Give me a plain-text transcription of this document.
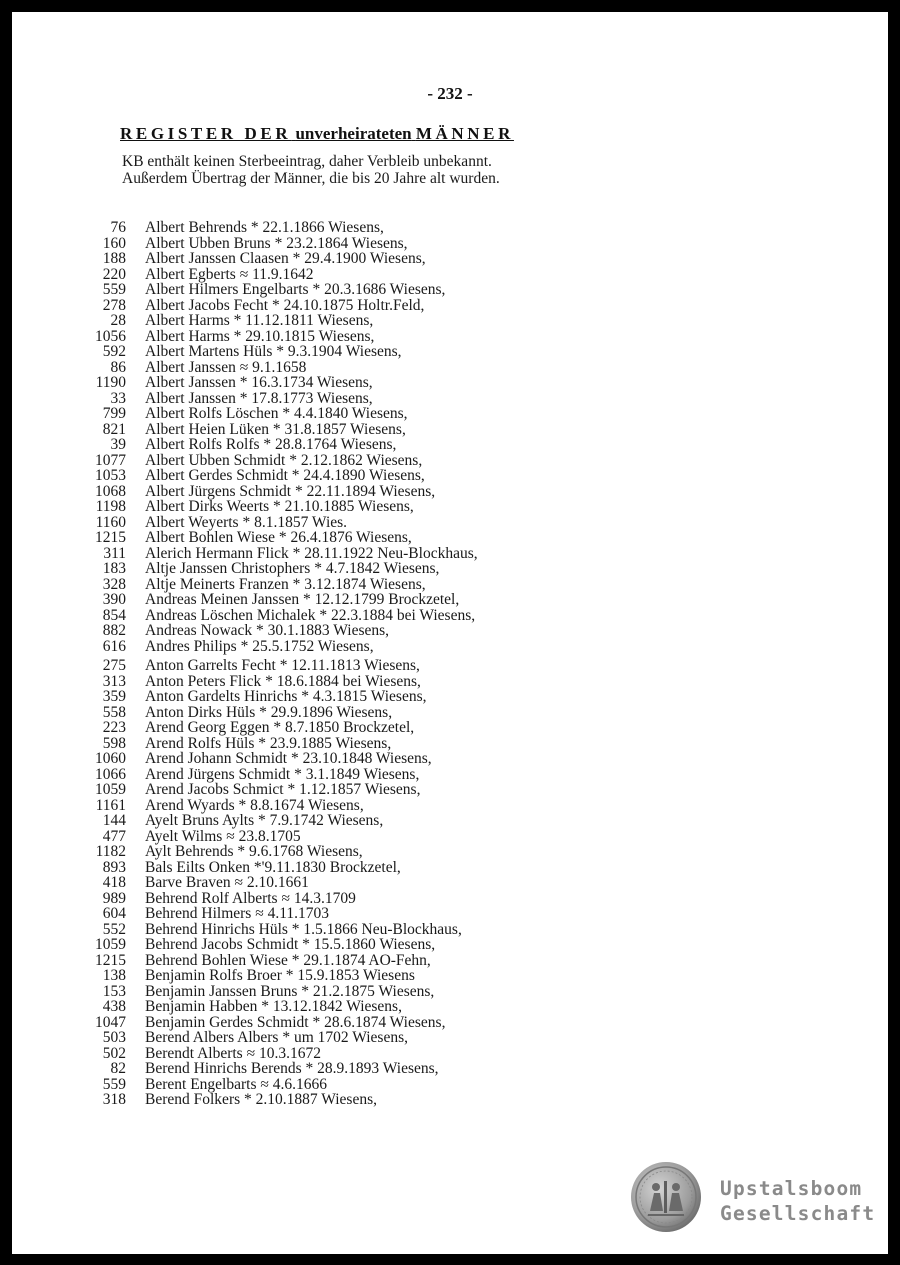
- 232 -
REGISTER DER unverheirateten MÄNNER
KB enthält keinen Sterbeeintrag, daher Verbleib unbekannt.
Außerdem Übertrag der Männer, die bis 20 Jahre alt wurden.
76 Albert Behrends * 22.1.1866 Wiesens,
160 Albert Ubben Bruns * 23.2.1864 Wiesens,
188 Albert Janssen Claasen * 29.4.1900 Wiesens,
220 Albert Egberts ≈ 11.9.1642
559 Albert Hilmers Engelbarts * 20.3.1686 Wiesens,
278 Albert Jacobs Fecht * 24.10.1875 Holtr.Feld,
28 Albert Harms * 11.12.1811 Wiesens,
1056 Albert Harms * 29.10.1815 Wiesens,
592 Albert Martens Hüls * 9.3.1904 Wiesens,
86 Albert Janssen ≈ 9.1.1658
1190 Albert Janssen * 16.3.1734 Wiesens,
33 Albert Janssen * 17.8.1773 Wiesens,
799 Albert Rolfs Löschen * 4.4.1840 Wiesens,
821 Albert Heien Lüken * 31.8.1857 Wiesens,
39 Albert Rolfs Rolfs * 28.8.1764 Wiesens,
1077 Albert Ubben Schmidt * 2.12.1862 Wiesens,
1053 Albert Gerdes Schmidt * 24.4.1890 Wiesens,
1068 Albert Jürgens Schmidt * 22.11.1894 Wiesens,
1198 Albert Dirks Weerts * 21.10.1885 Wiesens,
1160 Albert Weyerts * 8.1.1857 Wies.
1215 Albert Bohlen Wiese * 26.4.1876 Wiesens,
311 Alerich Hermann Flick * 28.11.1922 Neu-Blockhaus,
183 Altje Janssen Christophers * 4.7.1842 Wiesens,
328 Altje Meinerts Franzen * 3.12.1874 Wiesens,
390 Andreas Meinen Janssen * 12.12.1799 Brockzetel,
854 Andreas Löschen Michalek * 22.3.1884 bei Wiesens,
882 Andreas Nowack * 30.1.1883 Wiesens,
616 Andres Philips * 25.5.1752 Wiesens,
275 Anton Garrelts Fecht * 12.11.1813 Wiesens,
313 Anton Peters Flick * 18.6.1884 bei Wiesens,
359 Anton Gardelts Hinrichs * 4.3.1815 Wiesens,
558 Anton Dirks Hüls * 29.9.1896 Wiesens,
223 Arend Georg Eggen * 8.7.1850 Brockzetel,
598 Arend Rolfs Hüls * 23.9.1885 Wiesens,
1060 Arend Johann Schmidt * 23.10.1848 Wiesens,
1066 Arend Jürgens Schmidt * 3.1.1849 Wiesens,
1059 Arend Jacobs Schmict * 1.12.1857 Wiesens,
1161 Arend Wyards * 8.8.1674 Wiesens,
144 Ayelt Bruns Aylts * 7.9.1742 Wiesens,
477 Ayelt Wilms ≈ 23.8.1705
1182 Aylt Behrends * 9.6.1768 Wiesens,
893 Bals Eilts Onken *'9.11.1830 Brockzetel,
418 Barve Braven ≈ 2.10.1661
989 Behrend Rolf Alberts ≈ 14.3.1709
604 Behrend Hilmers ≈ 4.11.1703
552 Behrend Hinrichs Hüls * 1.5.1866 Neu-Blockhaus,
1059 Behrend Jacobs Schmidt * 15.5.1860 Wiesens,
1215 Behrend Bohlen Wiese * 29.1.1874 AO-Fehn,
138 Benjamin Rolfs Broer * 15.9.1853 Wiesens
153 Benjamin Janssen Bruns * 21.2.1875 Wiesens,
438 Benjamin Habben * 13.12.1842 Wiesens,
1047 Benjamin Gerdes Schmidt * 28.6.1874 Wiesens,
503 Berend Albers Albers * um 1702 Wiesens,
502 Berendt Alberts ≈ 10.3.1672
82 Berend Hinrichs Berends * 28.9.1893 Wiesens,
559 Berent Engelbarts ≈ 4.6.1666
318 Berend Folkers * 2.10.1887 Wiesens,
Upstalsboom
Gesellschaft
